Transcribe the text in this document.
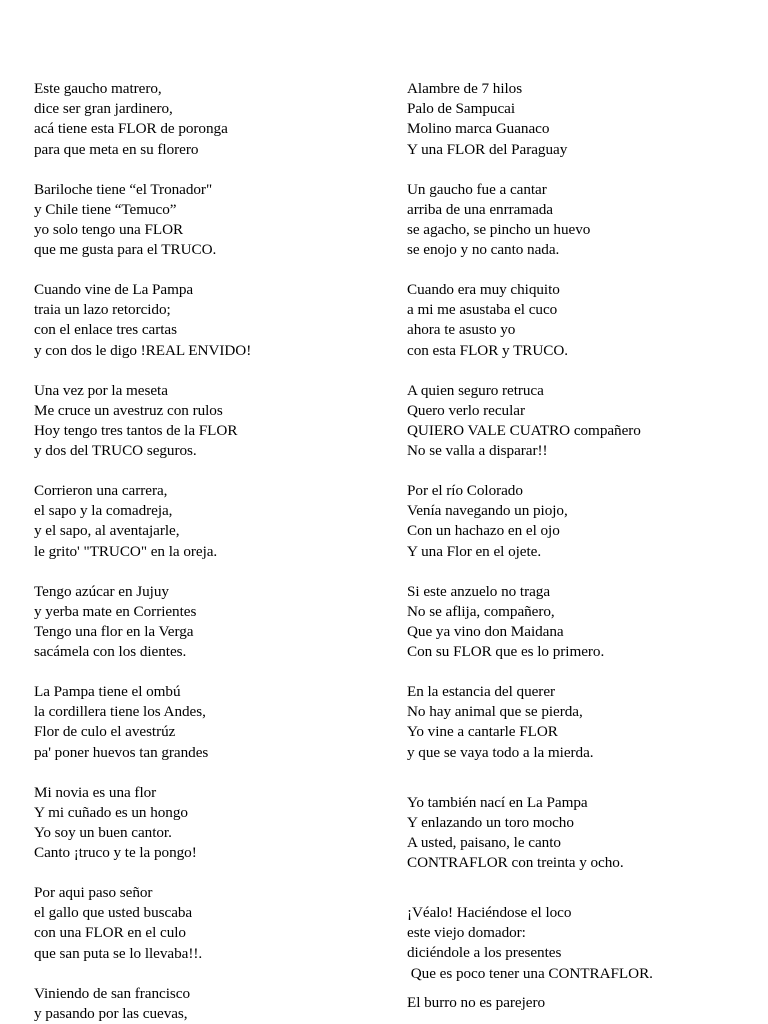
Este gaucho matrero,
dice ser gran jardinero,
acá tiene esta FLOR de poronga
para que meta en su florero
Bariloche tiene “el Tronador"
y Chile tiene “Temuco”
yo solo tengo una FLOR
que me gusta para el TRUCO.
Cuando vine de La Pampa
traia un lazo retorcido;
con el enlace tres cartas
y con dos le digo !REAL ENVIDO!
Una vez por la meseta
Me cruce un avestruz con rulos
Hoy tengo tres tantos de la FLOR
y dos del TRUCO seguros.
Corrieron una carrera,
el sapo y la comadreja,
y el sapo, al aventajarle,
le grito' "TRUCO" en la oreja.
Tengo azúcar en Jujuy
y yerba mate en Corrientes
Tengo una flor en la Verga
sacámela con los dientes.
La Pampa tiene el ombú
la cordillera tiene los Andes,
Flor de culo el avestrúz
pa' poner huevos tan grandes
Mi novia es una flor
Y mi cuñado es un hongo
Yo soy un buen cantor.
Canto ¡truco y te la pongo!
Por aqui paso señor
el gallo que usted buscaba
con una FLOR en el culo
que san puta se lo llevaba!!.
Viniendo de san francisco
y pasando por las cuevas,
Alambre de 7 hilos
Palo de Sampucai
Molino marca Guanaco
Y una FLOR del Paraguay
Un gaucho fue a cantar
arriba de una enrramada
se agacho, se pincho un huevo
se enojo y no canto nada.
Cuando era muy chiquito
a mi me asustaba el cuco
ahora te asusto yo
con esta FLOR y TRUCO.
A quien seguro retruca
Quero verlo recular
QUIERO VALE CUATRO compañero
No se valla a disparar!!
Por el río Colorado
Venía navegando un piojo,
Con un hachazo en el ojo
Y una Flor en el ojete.
Si este anzuelo no traga
No se aflija, compañero,
Que ya vino don Maidana
Con su FLOR que es lo primero.
En la estancia del querer
No hay animal que se pierda,
Yo vine a cantarle FLOR
y que se vaya todo a la mierda.
Yo también nací en La Pampa
Y enlazando un toro mocho
A usted, paisano, le canto
CONTRAFLOR con treinta y ocho.
¡Véalo! Haciéndose el loco
este viejo domador:
diciéndole a los presentes
Que es poco tener una CONTRAFLOR.
El burro no es parejero
